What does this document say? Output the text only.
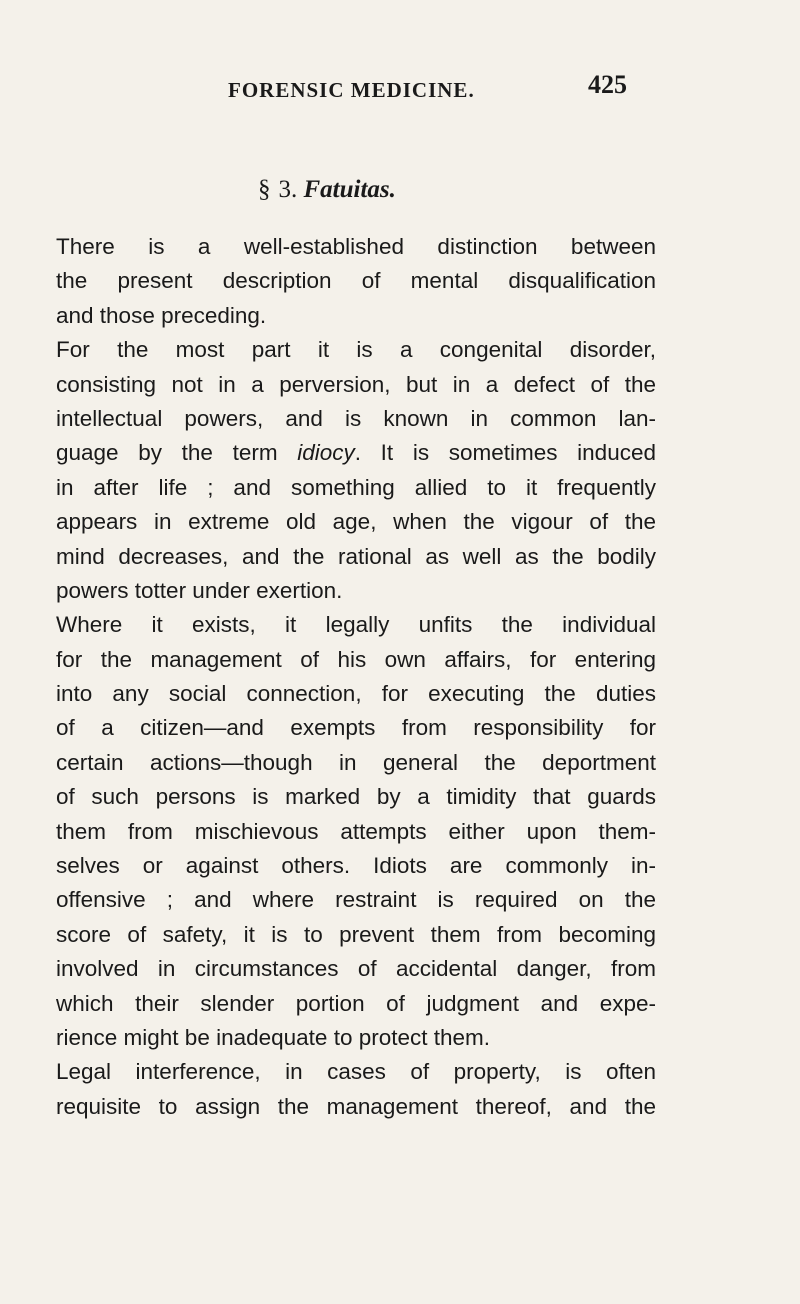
FORENSIC MEDICINE.	425
§ 3. Fatuitas.
There is a well-established distinction between
the present description of mental disqualification
and those preceding.
For the most part it is a congenital disorder,
consisting not in a perversion, but in a defect of the
intellectual powers, and is known in common lan-
guage by the term idiocy. It is sometimes induced
in after life ; and something allied to it frequently
appears in extreme old age, when the vigour of the
mind decreases, and the rational as well as the bodily
powers totter under exertion.
Where it exists, it legally unfits the individual
for the management of his own affairs, for entering
into any social connection, for executing the duties
of a citizen—and exempts from responsibility for
certain actions—though in general the deportment
of such persons is marked by a timidity that guards
them from mischievous attempts either upon them-
selves or against others. Idiots are commonly in-
offensive ; and where restraint is required on the
score of safety, it is to prevent them from becoming
involved in circumstances of accidental danger, from
which their slender portion of judgment and expe-
rience might be inadequate to protect them.
Legal interference, in cases of property, is often
requisite to assign the management thereof, and the
